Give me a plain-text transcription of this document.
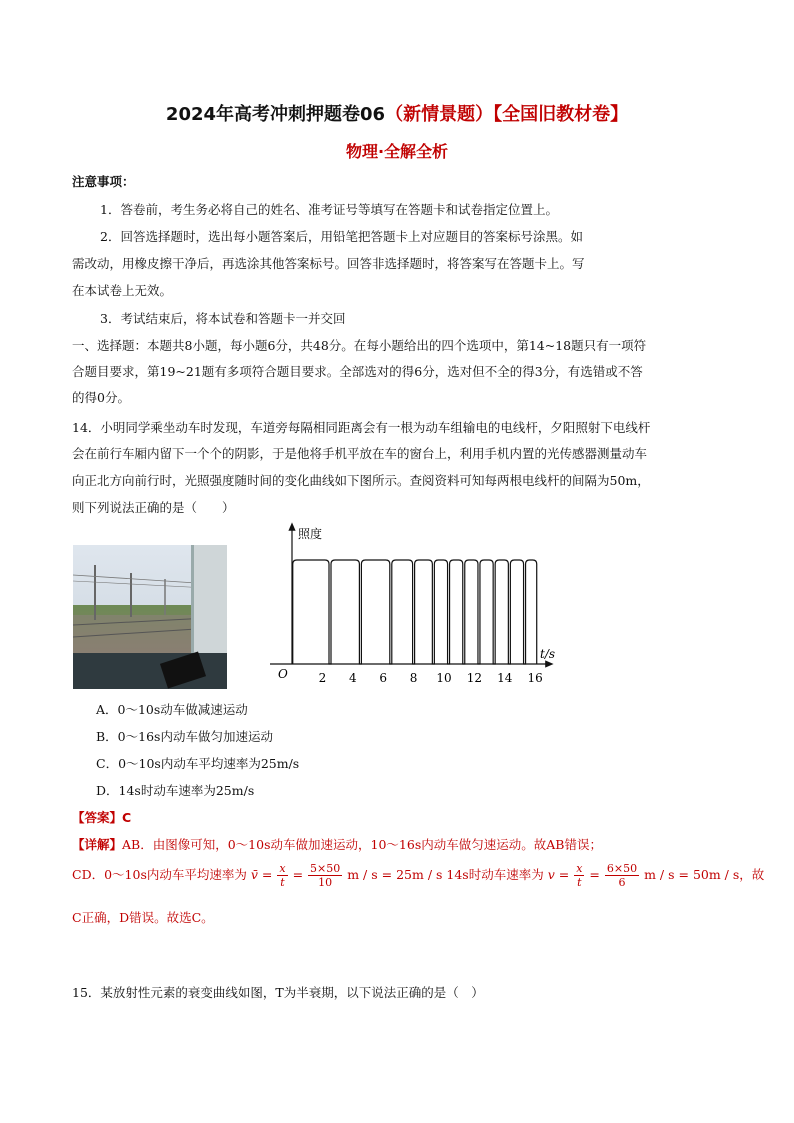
2024年高考冲刺押题卷06（新情景题）【全国旧教材卷】
物理·全解全析
注意事项：
1．答卷前，考生务必将自己的姓名、准考证号等填写在答题卡和试卷指定位置上。
2．回答选择题时，选出每小题答案后，用铅笔把答题卡上对应题目的答案标号涂黑。如
需改动，用橡皮擦干净后，再选涂其他答案标号。回答非选择题时，将答案写在答题卡上。写
在本试卷上无效。
3．考试结束后，将本试卷和答题卡一并交回
一、选择题：本题共8小题，每小题6分，共48分。在每小题给出的四个选项中，第14~18题只有一项符
合题目要求，第19~21题有多项符合题目要求。全部选对的得6分，选对但不全的得3分，有选错或不答
的得0分。
14．小明同学乘坐动车时发现，车道旁每隔相同距离会有一根为动车组输电的电线杆，夕阳照射下电线杆
会在前行车厢内留下一个个的阴影，于是他将手机平放在车的窗台上，利用手机内置的光传感器测量动车
向正北方向前行时，光照强度随时间的变化曲线如下图所示。查阅资料可知每两根电线杆的间隔为50m，
则下列说法正确的是（　　）
照度
t/s
O	2 4 6 8 10 12 14 16
A．0～10s动车做减速运动
B．0～16s内动车做匀加速运动
C．0～10s内动车平均速率为25m/s
D．14s时动车速率为25m/s
【答案】C
【详解】AB．由图像可知，0～10s动车做加速运动，10～16s内动车做匀速运动。故AB错误；
CD．0～10s内动车平均速率为 v̄ = $\frac{x}{t} = \frac{5\times 50}{10}$ m / s = 25m / s 14s时动车速率为 $v = \frac{x}{t} = \frac{6\times 50}{6}$ m / s = 50m / s，故
C正确，D错误。故选C。
15．某放射性元素的衰变曲线如图，T为半衰期，以下说法正确的是（　）
